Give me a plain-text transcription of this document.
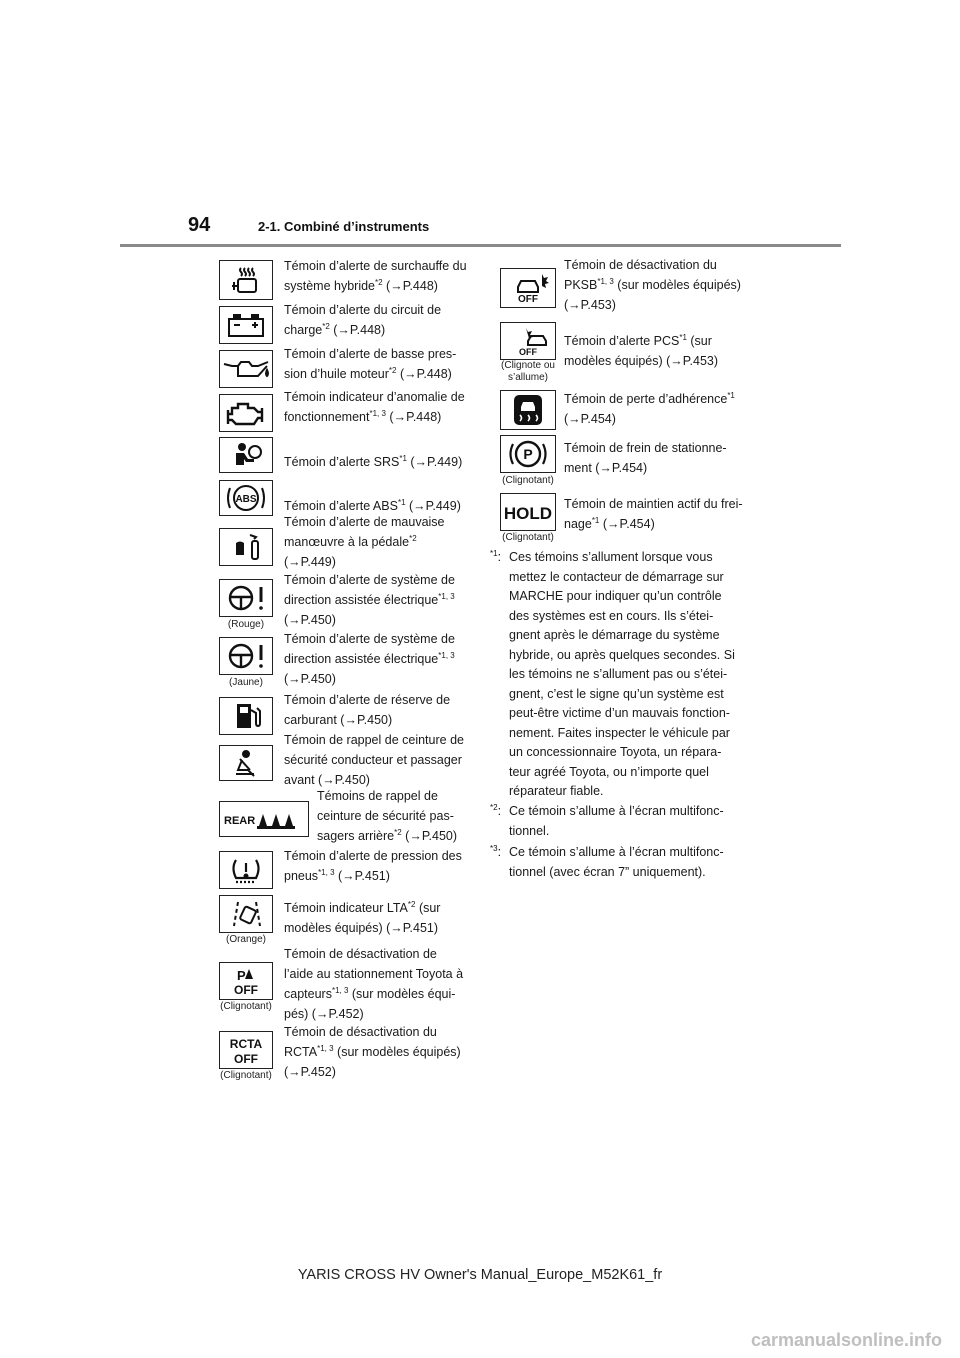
94	2-1. Combiné d’instruments
Témoin d’alerte de surchauffe du
système hybride$^{*2}$ (→P.448)
Témoin d’alerte du circuit de
charge$^{*2}$ (→P.448)
Témoin d’alerte de basse pres-
sion d’huile moteur$^{*2}$ (→P.448)
Témoin indicateur d’anomalie de
fonctionnement$^{*1, 3}$ (→P.448)

Témoin d’alerte SRS$^{*1}$ (→P.449)
ABS Témoin d’alerte ABS$^{*1}$ (→P.449)
Témoin d’alerte de mauvaise
manœuvre à la pédale$^{*2}$
(→P.449)
(Rouge)
Témoin d’alerte de système de
direction assistée électrique$^{*1, 3}$
(→P.450)
(Jaune)
Témoin d’alerte de système de
direction assistée électrique$^{*1, 3}$
(→P.450)
Témoin d’alerte de réserve de
carburant (→P.450)
Témoin de rappel de ceinture de
sécurité conducteur et passager
avant (→P.450)
REAR
Témoins de rappel de
ceinture de sécurité pas-
sagers arrière$^{*2}$ (→P.450)
Témoin d’alerte de pression des
pneus$^{*1, 3}$ (→P.451)
(Orange)
Témoin indicateur LTA$^{*2}$ (sur
modèles équipés) (→P.451)
P
OFF
(Clignotant)
Témoin de désactivation de
l’aide au stationnement Toyota à
capteurs$^{*1, 3}$ (sur modèles équi-
pés) (→P.452)
RCTA
OFF
(Clignotant)
Témoin de désactivation du
RCTA$^{*1, 3}$ (sur modèles équipés)
(→P.452)
OFF
Témoin de désactivation du
PKSB$^{*1, 3}$ (sur modèles équipés)
(→P.453)
OFF
(Clignote ou s’allume)
Témoin d’alerte PCS$^{*1}$ (sur
modèles équipés) (→P.453)
Témoin de perte d’adhérence$^{*1}$
(→P.454)
P
(Clignotant)
Témoin de frein de stationne-
ment (→P.454)
HOLD
(Clignotant)
Témoin de maintien actif du frei-
nage$^{*1}$ (→P.454)
$^{*1}$: Ces témoins s’allument lorsque vous
mettez le contacteur de démarrage sur
MARCHE pour indiquer qu’un contrôle
des systèmes est en cours. Ils s’étei-
gnent après le démarrage du système
hybride, ou après quelques secondes. Si
les témoins ne s’allument pas ou s’étei-
gnent, c’est le signe qu’un système est
peut-être victime d’un mauvais fonction-
nement. Faites inspecter le véhicule par
un concessionnaire Toyota, un répara-
teur agréé Toyota, ou n’importe quel
réparateur fiable.
$^{*2}$: Ce témoin s’allume à l’écran multifonc-
tionnel.
$^{*3}$: Ce témoin s’allume à l’écran multifonc-
tionnel (avec écran 7” uniquement).
YARIS CROSS HV Owner's Manual_Europe_M52K61_fr
carmanualsonline.info
